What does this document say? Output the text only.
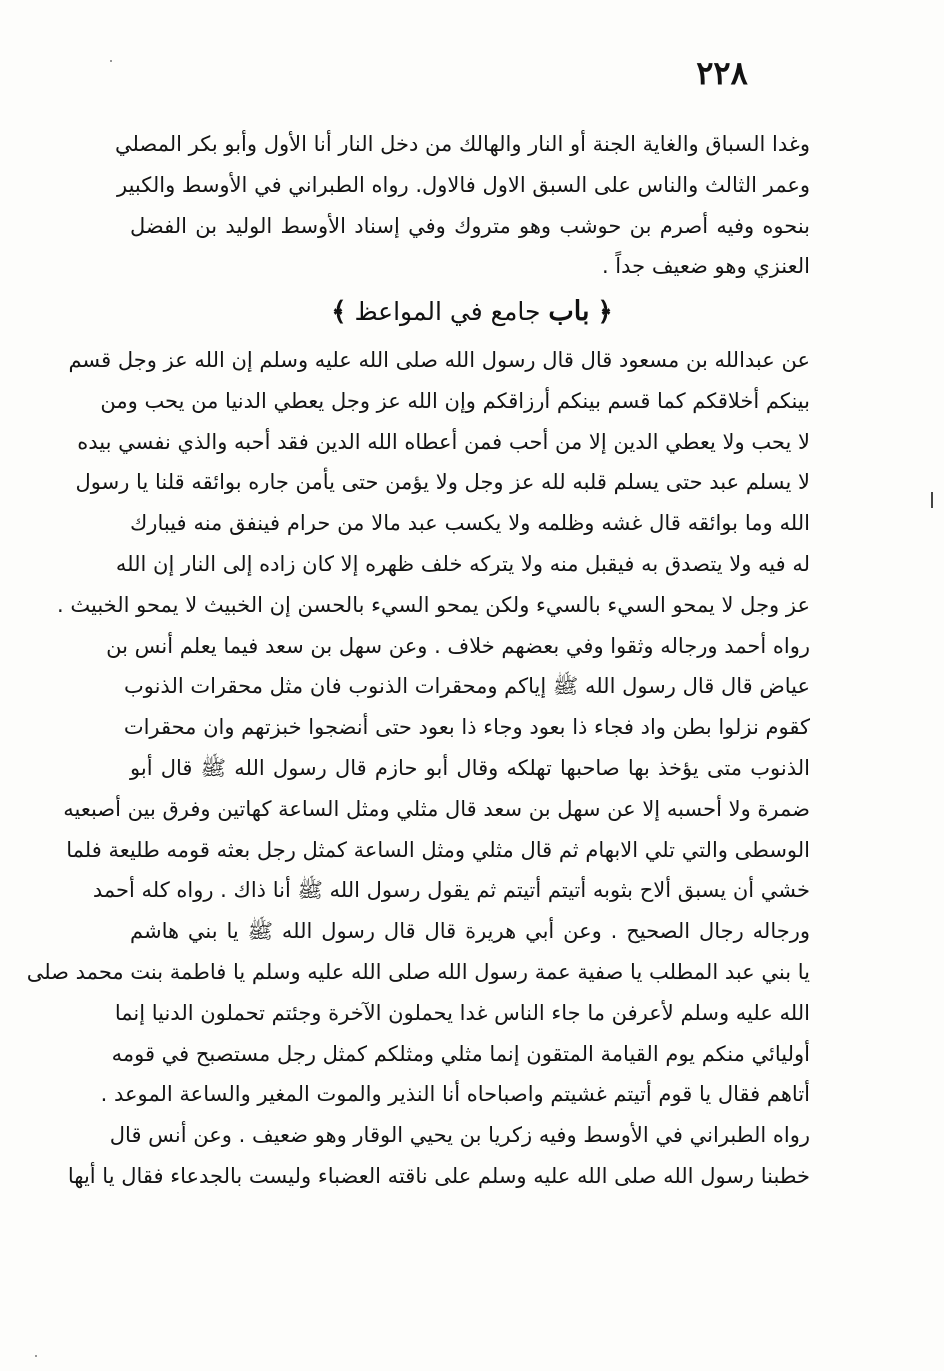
٢٢٨
وغدا السباق والغاية الجنة أو النار والهالك من دخل النار أنا الأول وأبو بكر المصلي
وعمر الثالث والناس على السبق الاول فالاول. رواه الطبراني في الأوسط والكبير
بنحوه وفيه أصرم بن حوشب وهو متروك وفي إسناد الأوسط الوليد بن الفضل
العنزي وهو ضعيف جداً .
﴿ باب جامع في المواعظ ﴾
عن عبدالله بن مسعود قال قال رسول الله صلى الله عليه وسلم إن الله عز وجل قسم
بينكم أخلاقكم كما قسم بينكم أرزاقكم وإن الله عز وجل يعطي الدنيا من يحب ومن
لا يحب ولا يعطي الدين إلا من أحب فمن أعطاه الله الدين فقد أحبه والذي نفسي بيده
لا يسلم عبد حتى يسلم قلبه لله عز وجل ولا يؤمن حتى يأمن جاره بوائقه قلنا يا رسول
الله وما بوائقه قال غشه وظلمه ولا يكسب عبد مالا من حرام فينفق منه فيبارك
له فيه ولا يتصدق به فيقبل منه ولا يتركه خلف ظهره إلا كان زاده إلى النار إن الله
عز وجل لا يمحو السيء بالسيء ولكن يمحو السيء بالحسن إن الخبيث لا يمحو الخبيث .
رواه أحمد ورجاله وثقوا وفي بعضهم خلاف . وعن سهل بن سعد فيما يعلم أنس بن
عياض قال قال رسول الله ﷺ إياكم ومحقرات الذنوب فان مثل محقرات الذنوب
كقوم نزلوا بطن واد فجاء ذا بعود وجاء ذا بعود حتى أنضجوا خبزتهم وان محقرات
الذنوب متى يؤخذ بها صاحبها تهلكه وقال أبو حازم قال رسول الله ﷺ قال أبو
ضمرة ولا أحسبه إلا عن سهل بن سعد قال مثلي ومثل الساعة كهاتين وفرق بين أصبعيه
الوسطى والتي تلي الابهام ثم قال مثلي ومثل الساعة كمثل رجل بعثه قومه طليعة فلما
خشي أن يسبق ألاح بثوبه أتيتم أتيتم ثم يقول رسول الله ﷺ أنا ذاك . رواه كله أحمد
ورجاله رجال الصحيح . وعن أبي هريرة قال قال رسول الله ﷺ يا بني هاشم
يا بني عبد المطلب يا صفية عمة رسول الله صلى الله عليه وسلم يا فاطمة بنت محمد صلى
الله عليه وسلم لأعرفن ما جاء الناس غدا يحملون الآخرة وجئتم تحملون الدنيا إنما
أوليائي منكم يوم القيامة المتقون إنما مثلي ومثلكم كمثل رجل مستصبح في قومه
أتاهم فقال يا قوم أتيتم غشيتم واصباحاه أنا النذير والموت المغير والساعة الموعد .
رواه الطبراني في الأوسط وفيه زكريا بن يحيي الوقار وهو ضعيف . وعن أنس قال
خطبنا رسول الله صلى الله عليه وسلم على ناقته العضباء وليست بالجدعاء فقال يا أيها
